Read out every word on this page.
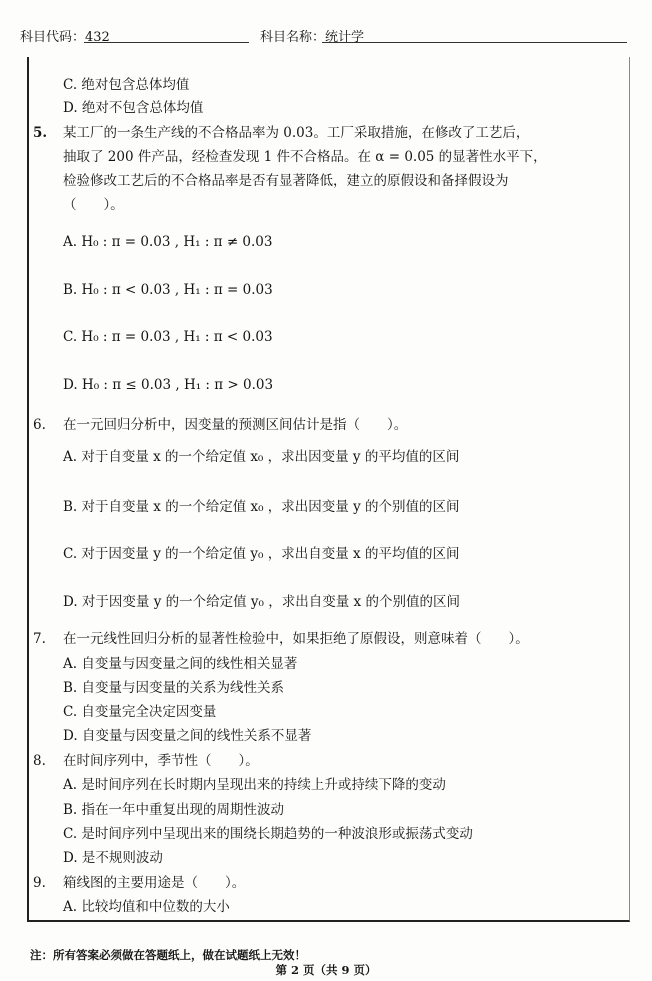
科目代码：432	科目名称：统计学
C. 绝对包含总体均值
D. 绝对不包含总体均值
5. 某工厂的一条生产线的不合格品率为 0.03。工厂采取措施，在修改了工艺后，
抽取了 200 件产品，经检查发现 1 件不合格品。在 α = 0.05 的显著性水平下，
检验修改工艺后的不合格品率是否有显著降低，建立的原假设和备择假设为
（　　）。
A. H₀ : π = 0.03 , H₁ : π ≠ 0.03
B. H₀ : π < 0.03 , H₁ : π = 0.03
C. H₀ : π = 0.03 , H₁ : π < 0.03
D. H₀ : π ≤ 0.03 , H₁ : π > 0.03
6. 在一元回归分析中，因变量的预测区间估计是指（　　）。
A. 对于自变量 x 的一个给定值 x₀ ，求出因变量 y 的平均值的区间
B. 对于自变量 x 的一个给定值 x₀ ，求出因变量 y 的个别值的区间
C. 对于因变量 y 的一个给定值 y₀ ，求出自变量 x 的平均值的区间
D. 对于因变量 y 的一个给定值 y₀ ，求出自变量 x 的个别值的区间
7. 在一元线性回归分析的显著性检验中，如果拒绝了原假设，则意味着（　　）。
A. 自变量与因变量之间的线性相关显著
B. 自变量与因变量的关系为线性关系
C. 自变量完全决定因变量
D. 自变量与因变量之间的线性关系不显著
8. 在时间序列中，季节性（　　）。
A. 是时间序列在长时期内呈现出来的持续上升或持续下降的变动
B. 指在一年中重复出现的周期性波动
C. 是时间序列中呈现出来的围绕长期趋势的一种波浪形或振荡式变动
D. 是不规则波动
9. 箱线图的主要用途是（　　）。
A. 比较均值和中位数的大小
注：所有答案必须做在答题纸上，做在试题纸上无效！
第 2 页（共 9 页）
